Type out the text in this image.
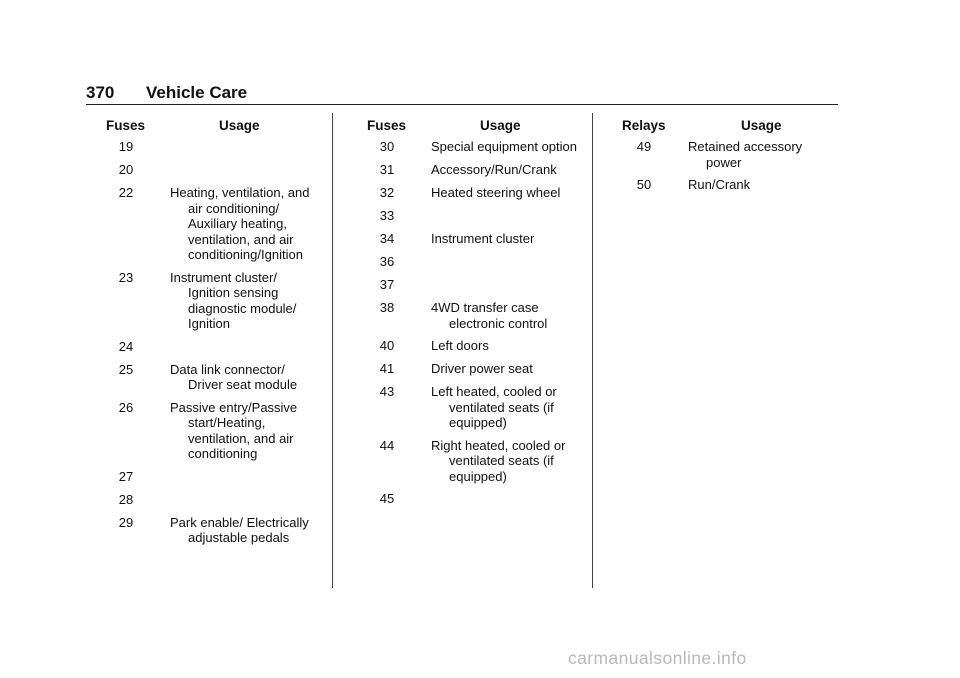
370 Vehicle Care
Fuses	Usage
19
20
22	Heating, ventilation, and air conditioning/ Auxiliary heating, ventilation, and air conditioning/Ignition
23	Instrument cluster/ Ignition sensing diagnostic module/ Ignition
24
25	Data link connector/ Driver seat module
26	Passive entry/Passive start/Heating, ventilation, and air conditioning
27
28
29	Park enable/ Electrically adjustable pedals
Fuses	Usage
30	Special equipment option
31	Accessory/Run/Crank
32	Heated steering wheel
33
34	Instrument cluster
36
37
38	4WD transfer case electronic control
40	Left doors
41	Driver power seat
43	Left heated, cooled or ventilated seats (if equipped)
44	Right heated, cooled or ventilated seats (if equipped)
45
Relays	Usage
49	Retained accessory power
50	Run/Crank
carmanualsonline.info
